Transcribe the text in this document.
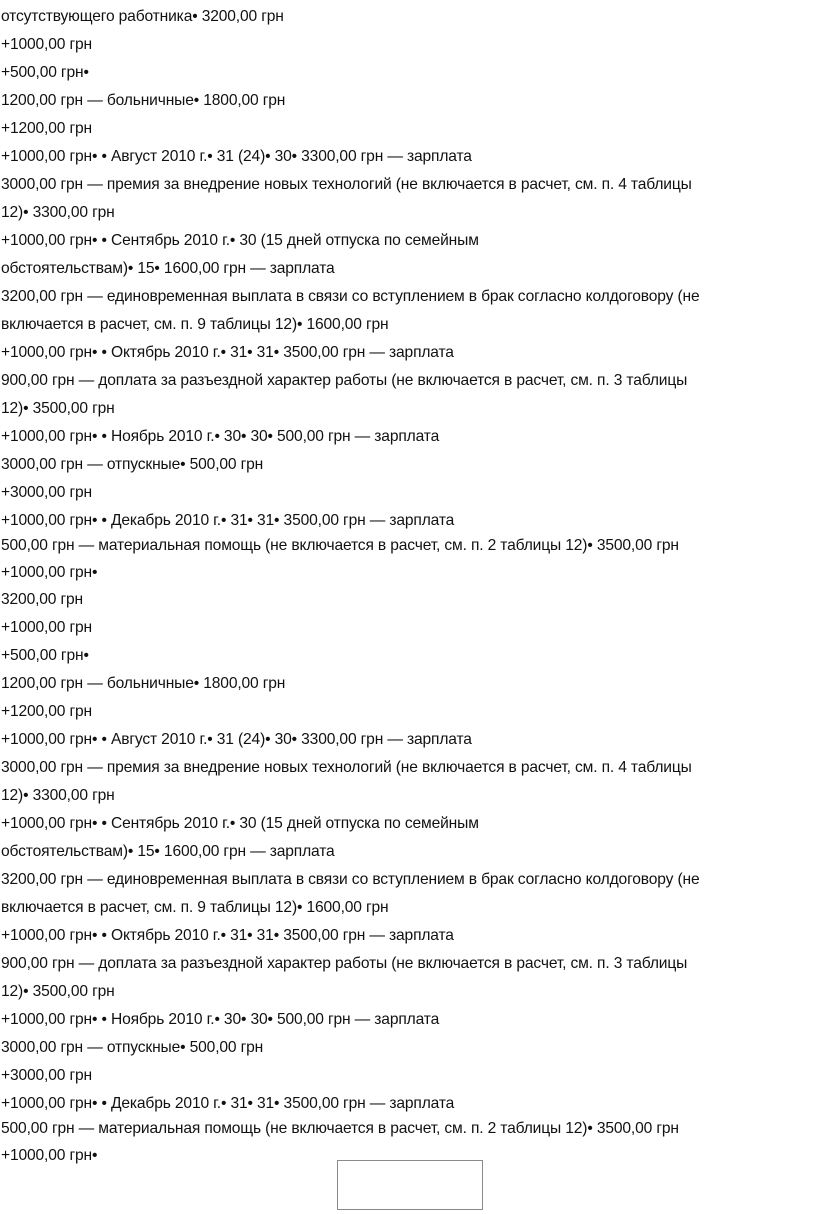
отсутствующего работника• 3200,00 грн
+1000,00 грн
+500,00 грн•
1200,00 грн — больничные• 1800,00 грн
+1200,00 грн
+1000,00 грн• • Август 2010 г.• 31 (24)• 30• 3300,00 грн — зарплата
3000,00 грн — премия за внедрение новых технологий (не включается в расчет, см. п. 4 таблицы
12)• 3300,00 грн
+1000,00 грн• • Сентябрь 2010 г.• 30 (15 дней отпуска по семейным
обстоятельствам)• 15• 1600,00 грн — зарплата
3200,00 грн — единовременная выплата в связи со вступлением в брак согласно колдоговору (не
включается в расчет, см. п. 9 таблицы 12)• 1600,00 грн
+1000,00 грн• • Октябрь 2010 г.• 31• 31• 3500,00 грн — зарплата
900,00 грн — доплата за разъездной характер работы (не включается в расчет, см. п. 3 таблицы
12)• 3500,00 грн
+1000,00 грн• • Ноябрь 2010 г.• 30• 30• 500,00 грн — зарплата
3000,00 грн — отпускные• 500,00 грн
+3000,00 грн
+1000,00 грн• • Декабрь 2010 г.• 31• 31• 3500,00 грн — зарплата
500,00 грн — материальная помощь (не включается в расчет, см. п. 2 таблицы 12)• 3500,00 грн
+1000,00 грн•
3200,00 грн
+1000,00 грн
+500,00 грн•
1200,00 грн — больничные• 1800,00 грн
+1200,00 грн
+1000,00 грн• • Август 2010 г.• 31 (24)• 30• 3300,00 грн — зарплата
3000,00 грн — премия за внедрение новых технологий (не включается в расчет, см. п. 4 таблицы
12)• 3300,00 грн
+1000,00 грн• • Сентябрь 2010 г.• 30 (15 дней отпуска по семейным
обстоятельствам)• 15• 1600,00 грн — зарплата
3200,00 грн — единовременная выплата в связи со вступлением в брак согласно колдоговору (не
включается в расчет, см. п. 9 таблицы 12)• 1600,00 грн
+1000,00 грн• • Октябрь 2010 г.• 31• 31• 3500,00 грн — зарплата
900,00 грн — доплата за разъездной характер работы (не включается в расчет, см. п. 3 таблицы
12)• 3500,00 грн
+1000,00 грн• • Ноябрь 2010 г.• 30• 30• 500,00 грн — зарплата
3000,00 грн — отпускные• 500,00 грн
+3000,00 грн
+1000,00 грн• • Декабрь 2010 г.• 31• 31• 3500,00 грн — зарплата
500,00 грн — материальная помощь (не включается в расчет, см. п. 2 таблицы 12)• 3500,00 грн
+1000,00 грн•
